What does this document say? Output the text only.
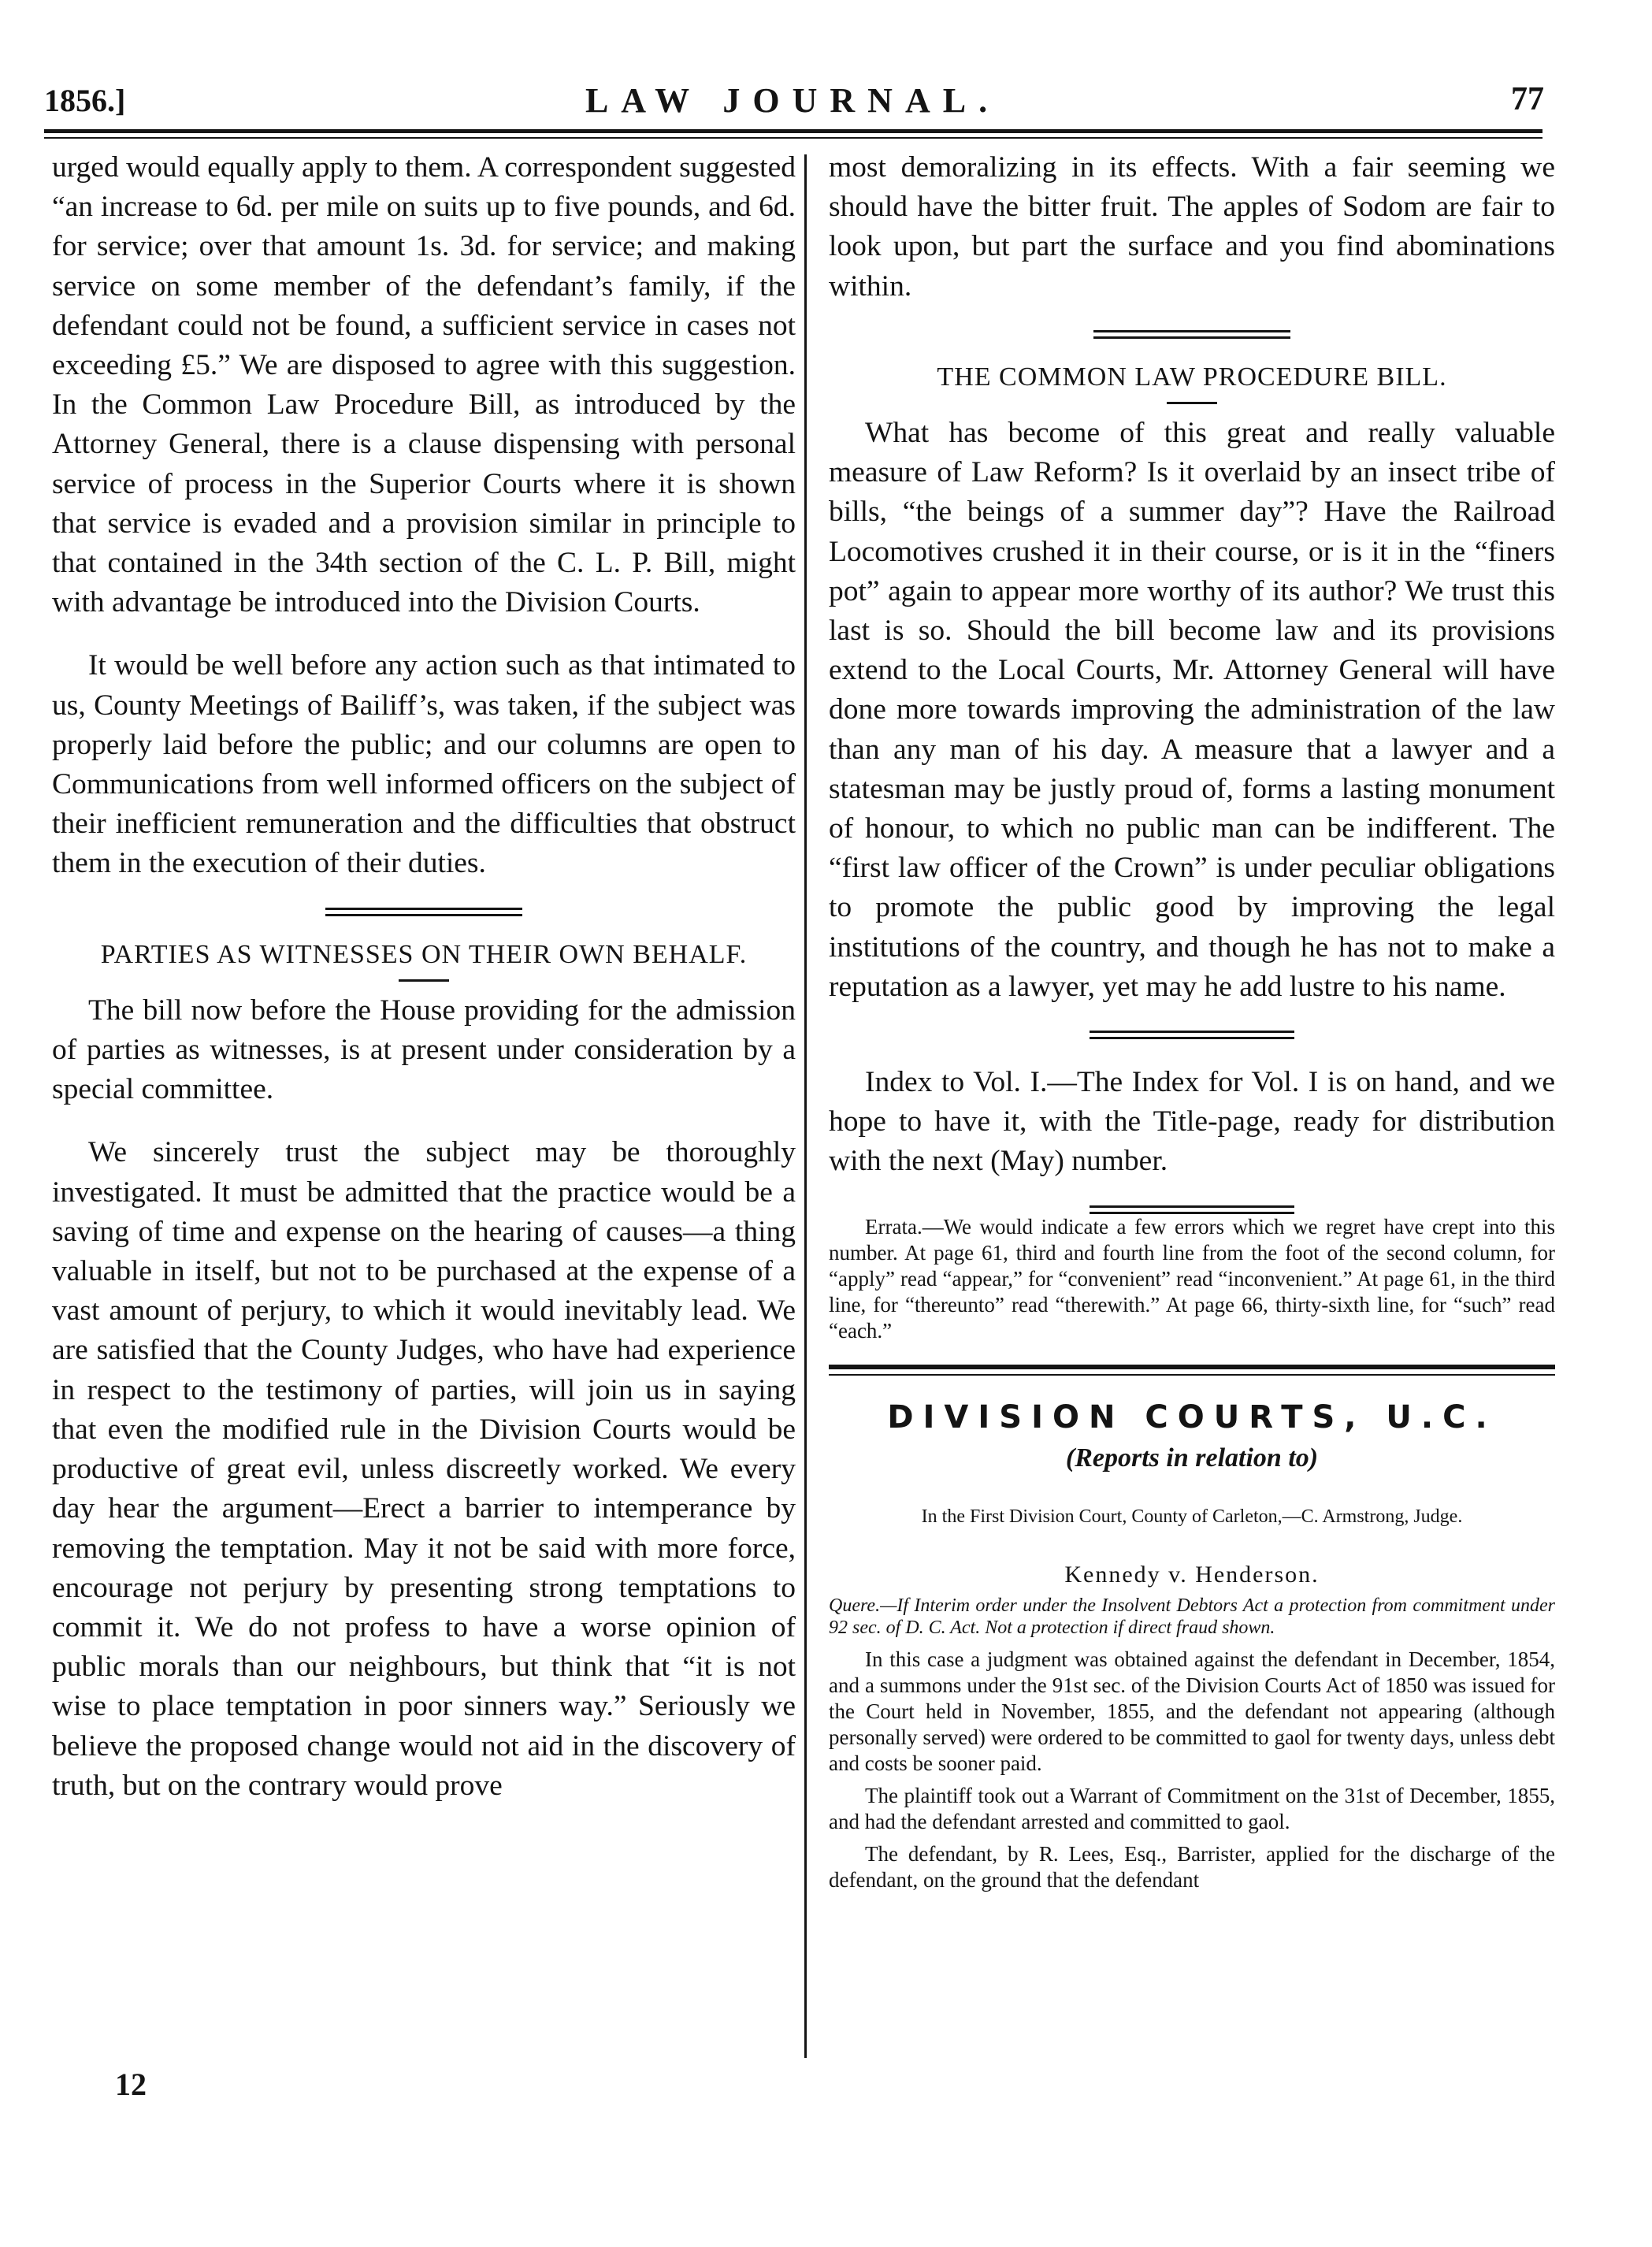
1856.]	LAW JOURNAL.	77

urged would equally apply to them. A correspondent suggested “an increase to 6d. per mile on suits up to five pounds, and 6d. for service; over that amount 1s. 3d. for service; and making service on some member of the defendant’s family, if the defendant could not be found, a sufficient service in cases not exceeding £5.” We are disposed to agree with this suggestion. In the Common Law Procedure Bill, as introduced by the Attorney General, there is a clause dispensing with personal service of process in the Superior Courts where it is shown that service is evaded and a provision similar in principle to that contained in the 34th section of the C. L. P. Bill, might with advantage be introduced into the Division Courts.

It would be well before any action such as that intimated to us, County Meetings of Bailiff’s, was taken, if the subject was properly laid before the public; and our columns are open to Communications from well informed officers on the subject of their inefficient remuneration and the difficulties that obstruct them in the execution of their duties.

PARTIES AS WITNESSES ON THEIR OWN BEHALF.

The bill now before the House providing for the admission of parties as witnesses, is at present under consideration by a special committee.

We sincerely trust the subject may be thoroughly investigated. It must be admitted that the practice would be a saving of time and expense on the hearing of causes—a thing valuable in itself, but not to be purchased at the expense of a vast amount of perjury, to which it would inevitably lead. We are satisfied that the County Judges, who have had experience in respect to the testimony of parties, will join us in saying that even the modified rule in the Division Courts would be productive of great evil, unless discreetly worked. We every day hear the argument—Erect a barrier to intemperance by removing the temptation. May it not be said with more force, encourage not perjury by presenting strong temptations to commit it. We do not profess to have a worse opinion of public morals than our neighbours, but think that “it is not wise to place temptation in poor sinners way.” Seriously we believe the proposed change would not aid in the discovery of truth, but on the contrary would prove

12

most demoralizing in its effects. With a fair seeming we should have the bitter fruit. The apples of Sodom are fair to look upon, but part the surface and you find abominations within.

THE COMMON LAW PROCEDURE BILL.

What has become of this great and really valuable measure of Law Reform? Is it overlaid by an insect tribe of bills, “the beings of a summer day”? Have the Railroad Locomotives crushed it in their course, or is it in the “finers pot” again to appear more worthy of its author? We trust this last is so. Should the bill become law and its provisions extend to the Local Courts, Mr. Attorney General will have done more towards improving the administration of the law than any man of his day. A measure that a lawyer and a statesman may be justly proud of, forms a lasting monument of honour, to which no public man can be indifferent. The “first law officer of the Crown” is under peculiar obligations to promote the public good by improving the legal institutions of the country, and though he has not to make a reputation as a lawyer, yet may he add lustre to his name.

Index to Vol. I.—The Index for Vol. I is on hand, and we hope to have it, with the Title-page, ready for distribution with the next (May) number.

Errata.—We would indicate a few errors which we regret have crept into this number. At page 61, third and fourth line from the foot of the second column, for “apply” read “appear,” for “convenient” read “inconvenient.” At page 61, in the third line, for “thereunto” read “therewith.” At page 66, thirty-sixth line, for “such” read “each.”

DIVISION COURTS, U.C.
(Reports in relation to)
In the First Division Court, County of Carleton,—C. Armstrong, Judge.
Kennedy v. Henderson.

Quere.—If Interim order under the Insolvent Debtors Act a protection from commitment under 92 sec. of D. C. Act. Not a protection if direct fraud shown.

In this case a judgment was obtained against the defendant in December, 1854, and a summons under the 91st sec. of the Division Courts Act of 1850 was issued for the Court held in November, 1855, and the defendant not appearing (although personally served) were ordered to be committed to gaol for twenty days, unless debt and costs be sooner paid.

The plaintiff took out a Warrant of Commitment on the 31st of December, 1855, and had the defendant arrested and committed to gaol.

The defendant, by R. Lees, Esq., Barrister, applied for the discharge of the defendant, on the ground that the defendant
